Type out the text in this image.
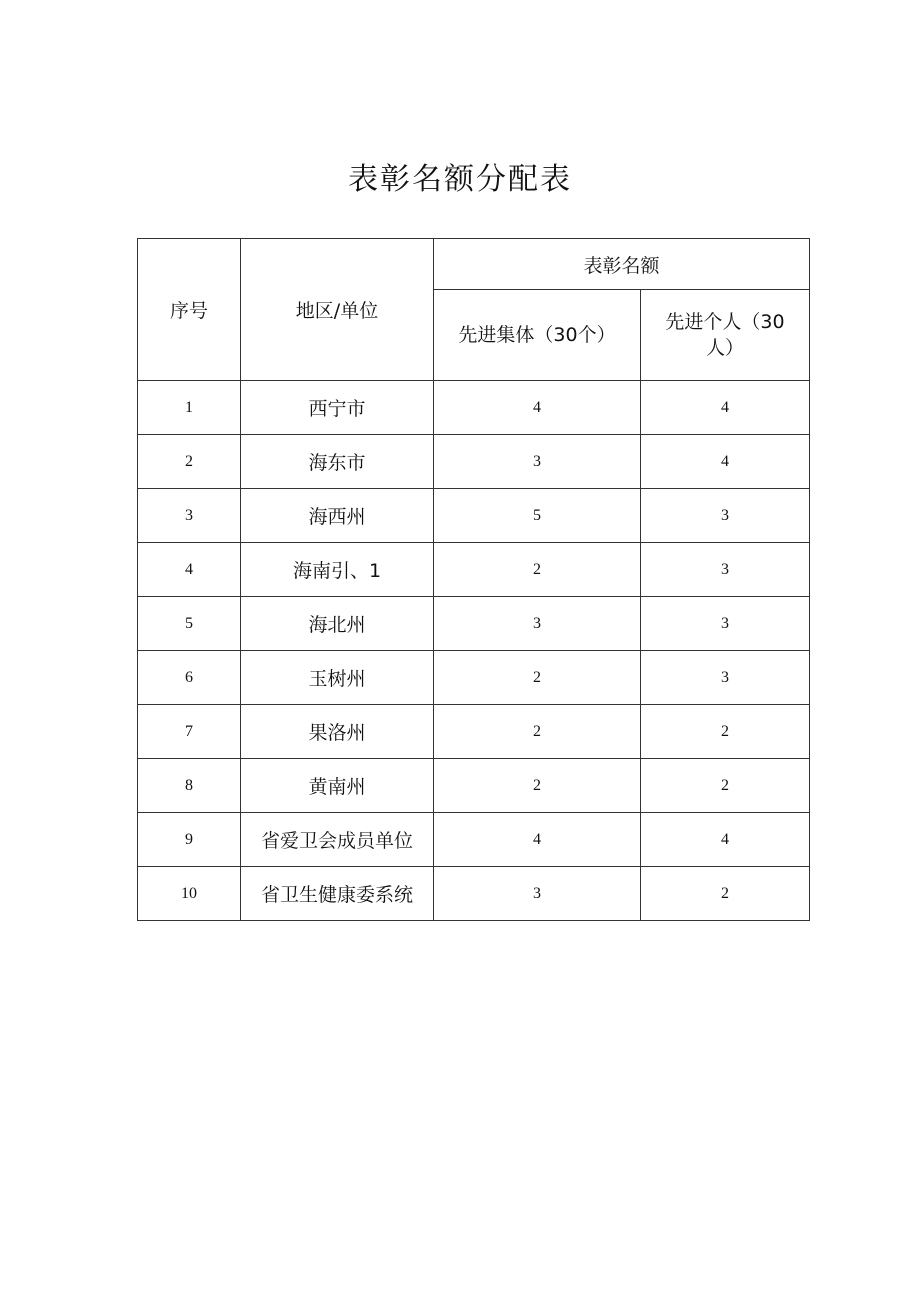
表彰名额分配表
序号	地区/单位	表彰名额	
		先进集体（30个）	先进个人（30
人）

1	西宁市	4	4
2	海东市	3	4
3	海西州	5	3
4	海南引、1	2	3
5	海北州	3	3
6	玉树州	2	3
7	果洛州	2	2
8	黄南州	2	2
9	省爱卫会成员单位	4	4
10	省卫生健康委系统	3	2
